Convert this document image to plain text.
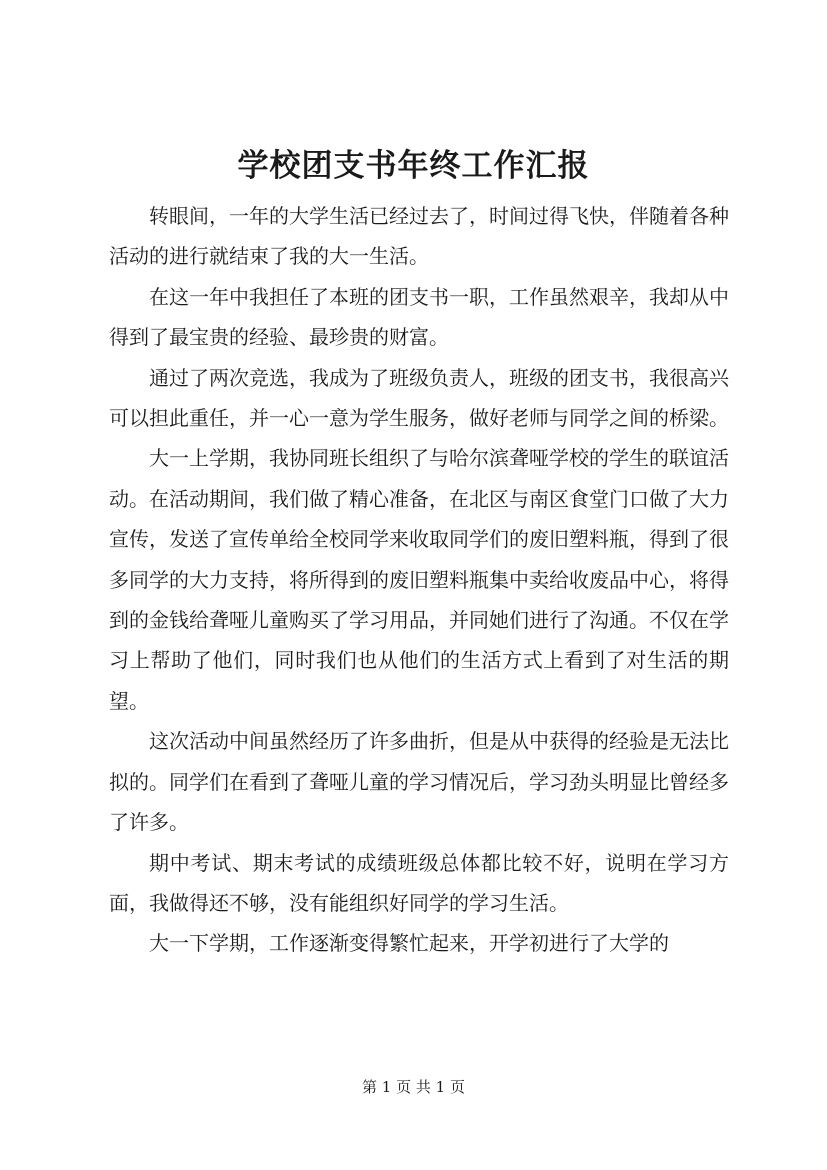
学校团支书年终工作汇报

转眼间，一年的大学生活已经过去了，时间过得飞快，伴随着各种活动的进行就结束了我的大一生活。

在这一年中我担任了本班的团支书一职，工作虽然艰辛，我却从中得到了最宝贵的经验、最珍贵的财富。

通过了两次竞选，我成为了班级负责人，班级的团支书，我很高兴可以担此重任，并一心一意为学生服务，做好老师与同学之间的桥梁。

大一上学期，我协同班长组织了与哈尔滨聋哑学校的学生的联谊活动。在活动期间，我们做了精心准备，在北区与南区食堂门口做了大力宣传，发送了宣传单给全校同学来收取同学们的废旧塑料瓶，得到了很多同学的大力支持，将所得到的废旧塑料瓶集中卖给收废品中心，将得到的金钱给聋哑儿童购买了学习用品，并同她们进行了沟通。不仅在学习上帮助了他们，同时我们也从他们的生活方式上看到了对生活的期望。

这次活动中间虽然经历了许多曲折，但是从中获得的经验是无法比拟的。同学们在看到了聋哑儿童的学习情况后，学习劲头明显比曾经多了许多。

期中考试、期末考试的成绩班级总体都比较不好，说明在学习方面，我做得还不够，没有能组织好同学的学习生活。

大一下学期，工作逐渐变得繁忙起来，开学初进行了大学的

第 1 页 共 1 页
